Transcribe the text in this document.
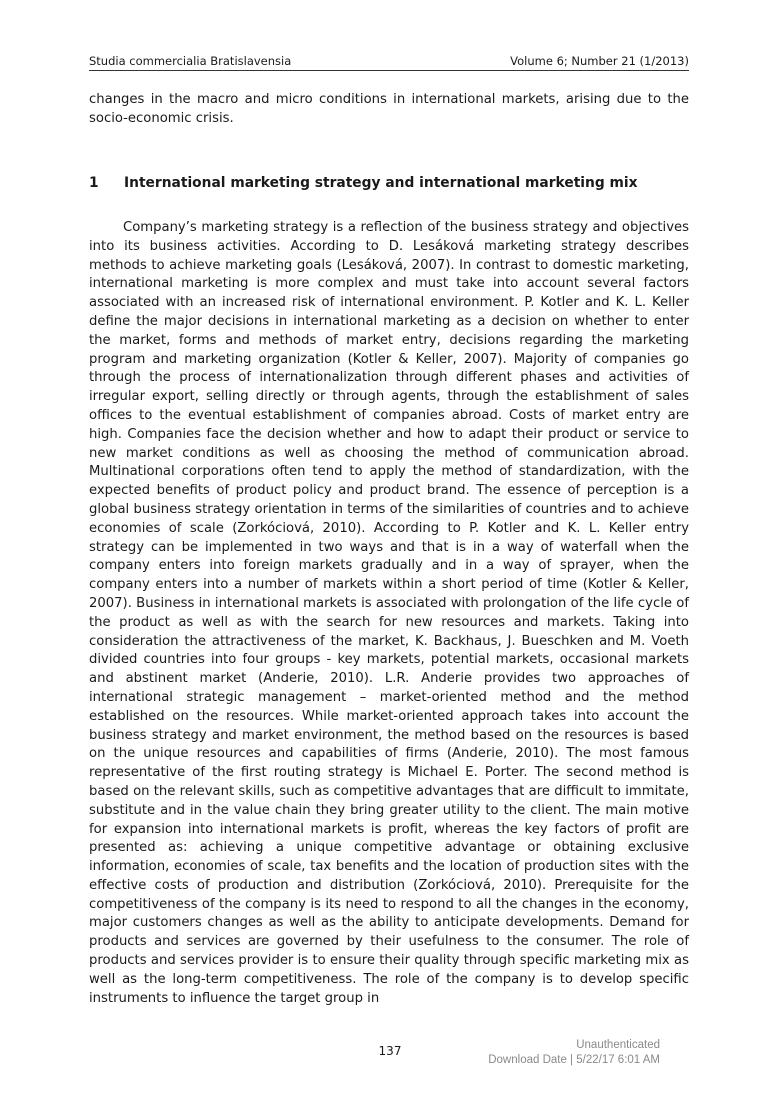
Studia commercialia Bratislavensia	Volume 6; Number 21 (1/2013)

changes in the macro and micro conditions in international markets, arising due to the socio-economic crisis.

1	International marketing strategy and international marketing mix

Company’s marketing strategy is a reflection of the business strategy and objectives into its business activities. According to D. Lesáková marketing strategy describes methods to achieve marketing goals (Lesáková, 2007). In contrast to domestic marketing, international marketing is more complex and must take into account several factors associated with an increased risk of international environment. P. Kotler and K. L. Keller define the major decisions in international marketing as a decision on whether to enter the market, forms and methods of market entry, decisions regarding the marketing program and marketing organization (Kotler & Keller, 2007). Majority of companies go through the process of internationalization through different phases and activities of irregular export, selling directly or through agents, through the establishment of sales offices to the eventual establishment of companies abroad. Costs of market entry are high. Companies face the decision whether and how to adapt their product or service to new market conditions as well as choosing the method of communication abroad. Multinational corporations often tend to apply the method of standardization, with the expected benefits of product policy and product brand. The essence of perception is a global business strategy orientation in terms of the similarities of countries and to achieve economies of scale (Zorkóciová, 2010). According to P. Kotler and K. L. Keller entry strategy can be implemented in two ways and that is in a way of waterfall when the company enters into foreign markets gradually and in a way of sprayer, when the company enters into a number of markets within a short period of time (Kotler & Keller, 2007). Business in international markets is associated with prolongation of the life cycle of the product as well as with the search for new resources and markets. Taking into consideration the attractiveness of the market, K. Backhaus, J. Bueschken and M. Voeth divided countries into four groups - key markets, potential markets, occasional markets and abstinent market (Anderie, 2010). L.R. Anderie provides two approaches of international strategic management – market-oriented method and the method established on the resources. While market-oriented approach takes into account the business strategy and market environment, the method based on the resources is based on the unique resources and capabilities of firms (Anderie, 2010). The most famous representative of the first routing strategy is Michael E. Porter. The second method is based on the relevant skills, such as competitive advantages that are difficult to immitate, substitute and in the value chain they bring greater utility to the client. The main motive for expansion into international markets is profit, whereas the key factors of profit are presented as: achieving a unique competitive advantage or obtaining exclusive information, economies of scale, tax benefits and the location of production sites with the effective costs of production and distribution (Zorkóciová, 2010). Prerequisite for the competitiveness of the company is its need to respond to all the changes in the economy, major customers changes as well as the ability to anticipate developments. Demand for products and services are governed by their usefulness to the consumer. The role of products and services provider is to ensure their quality through specific marketing mix as well as the long-term competitiveness. The role of the company is to develop specific instruments to influence the target group in

137	Unauthenticated
Download Date | 5/22/17 6:01 AM
